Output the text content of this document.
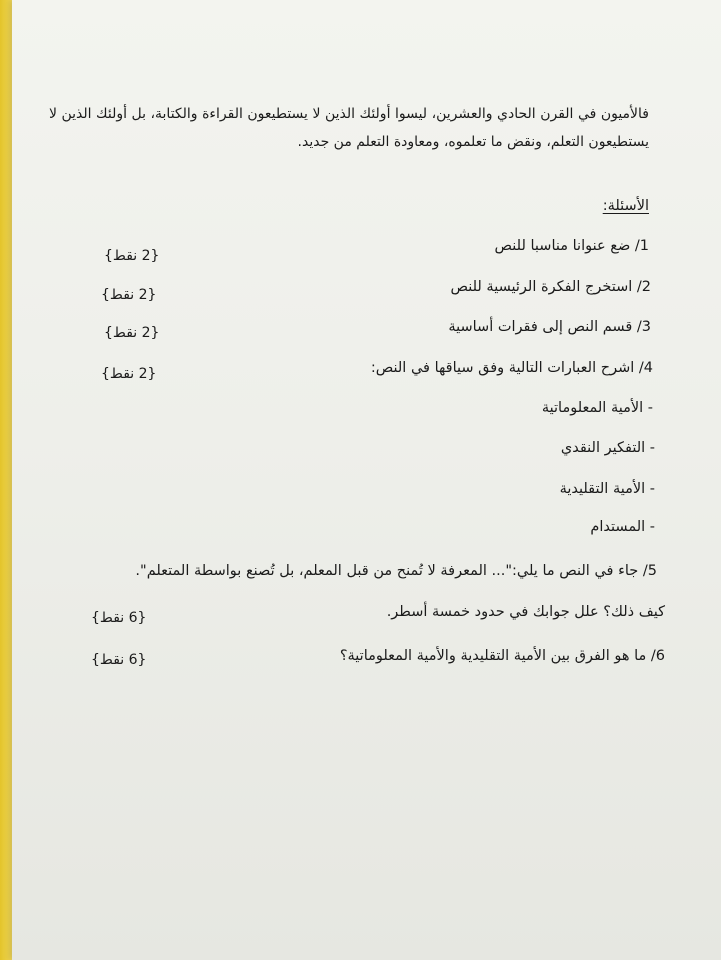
فالأميون في القرن الحادي والعشرين، ليسوا أولئك الذين لا يستطيعون القراءة والكتابة، بل أولئك الذين لا يستطيعون التعلم، ونقض ما تعلموه، ومعاودة التعلم من جديد.
الأسئلة:
1/ ضع عنوانا مناسبا للنص
{2 نقط}
2/ استخرج الفكرة الرئيسية للنص
{2 نقط}
3/ قسم النص إلى فقرات أساسية
{2 نقط}
4/ اشرح العبارات التالية وفق سياقها في النص:
{2 نقط}
- الأمية المعلوماتية
- التفكير النقدي
- الأمية التقليدية
- المستدام
5/ جاء في النص ما يلي:"... المعرفة لا تُمنح من قبل المعلم، بل تُصنع بواسطة المتعلم".
كيف ذلك؟ علل جوابك في حدود خمسة أسطر.
{6 نقط}
6/ ما هو الفرق بين الأمية التقليدية والأمية المعلوماتية؟
{6 نقط}
